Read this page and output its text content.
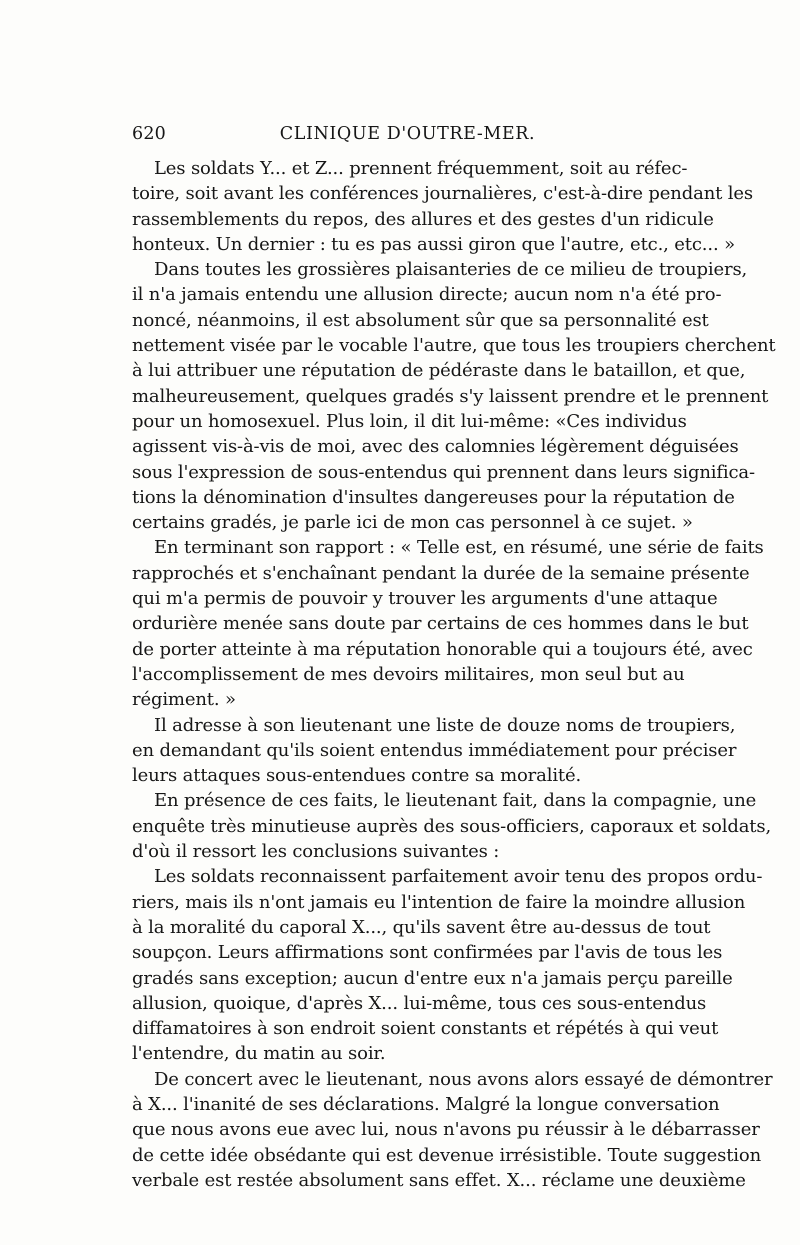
620	CLINIQUE D'OUTRE-MER.
Les soldats Y... et Z... prennent fréquemment, soit au réfec-
toire, soit avant les conférences journalières, c'est-à-dire pendant les
rassemblements du repos, des allures et des gestes d'un ridicule
honteux. Un dernier : tu es pas aussi giron que l'autre, etc., etc... »
Dans toutes les grossières plaisanteries de ce milieu de troupiers,
il n'a jamais entendu une allusion directe; aucun nom n'a été pro-
noncé, néanmoins, il est absolument sûr que sa personnalité est
nettement visée par le vocable l'autre, que tous les troupiers cherchent
à lui attribuer une réputation de pédéraste dans le bataillon, et que,
malheureusement, quelques gradés s'y laissent prendre et le prennent
pour un homosexuel. Plus loin, il dit lui-même: «Ces individus
agissent vis-à-vis de moi, avec des calomnies légèrement déguisées
sous l'expression de sous-entendus qui prennent dans leurs significa-
tions la dénomination d'insultes dangereuses pour la réputation de
certains gradés, je parle ici de mon cas personnel à ce sujet. »
En terminant son rapport : « Telle est, en résumé, une série de faits
rapprochés et s'enchaînant pendant la durée de la semaine présente
qui m'a permis de pouvoir y trouver les arguments d'une attaque
ordurière menée sans doute par certains de ces hommes dans le but
de porter atteinte à ma réputation honorable qui a toujours été, avec
l'accomplissement de mes devoirs militaires, mon seul but au
régiment. »
Il adresse à son lieutenant une liste de douze noms de troupiers,
en demandant qu'ils soient entendus immédiatement pour préciser
leurs attaques sous-entendues contre sa moralité.
En présence de ces faits, le lieutenant fait, dans la compagnie, une
enquête très minutieuse auprès des sous-officiers, caporaux et soldats,
d'où il ressort les conclusions suivantes :
Les soldats reconnaissent parfaitement avoir tenu des propos ordu-
riers, mais ils n'ont jamais eu l'intention de faire la moindre allusion
à la moralité du caporal X..., qu'ils savent être au-dessus de tout
soupçon. Leurs affirmations sont confirmées par l'avis de tous les
gradés sans exception; aucun d'entre eux n'a jamais perçu pareille
allusion, quoique, d'après X... lui-même, tous ces sous-entendus
diffamatoires à son endroit soient constants et répétés à qui veut
l'entendre, du matin au soir.
De concert avec le lieutenant, nous avons alors essayé de démontrer
à X... l'inanité de ses déclarations. Malgré la longue conversation
que nous avons eue avec lui, nous n'avons pu réussir à le débarrasser
de cette idée obsédante qui est devenue irrésistible. Toute suggestion
verbale est restée absolument sans effet. X... réclame une deuxième
